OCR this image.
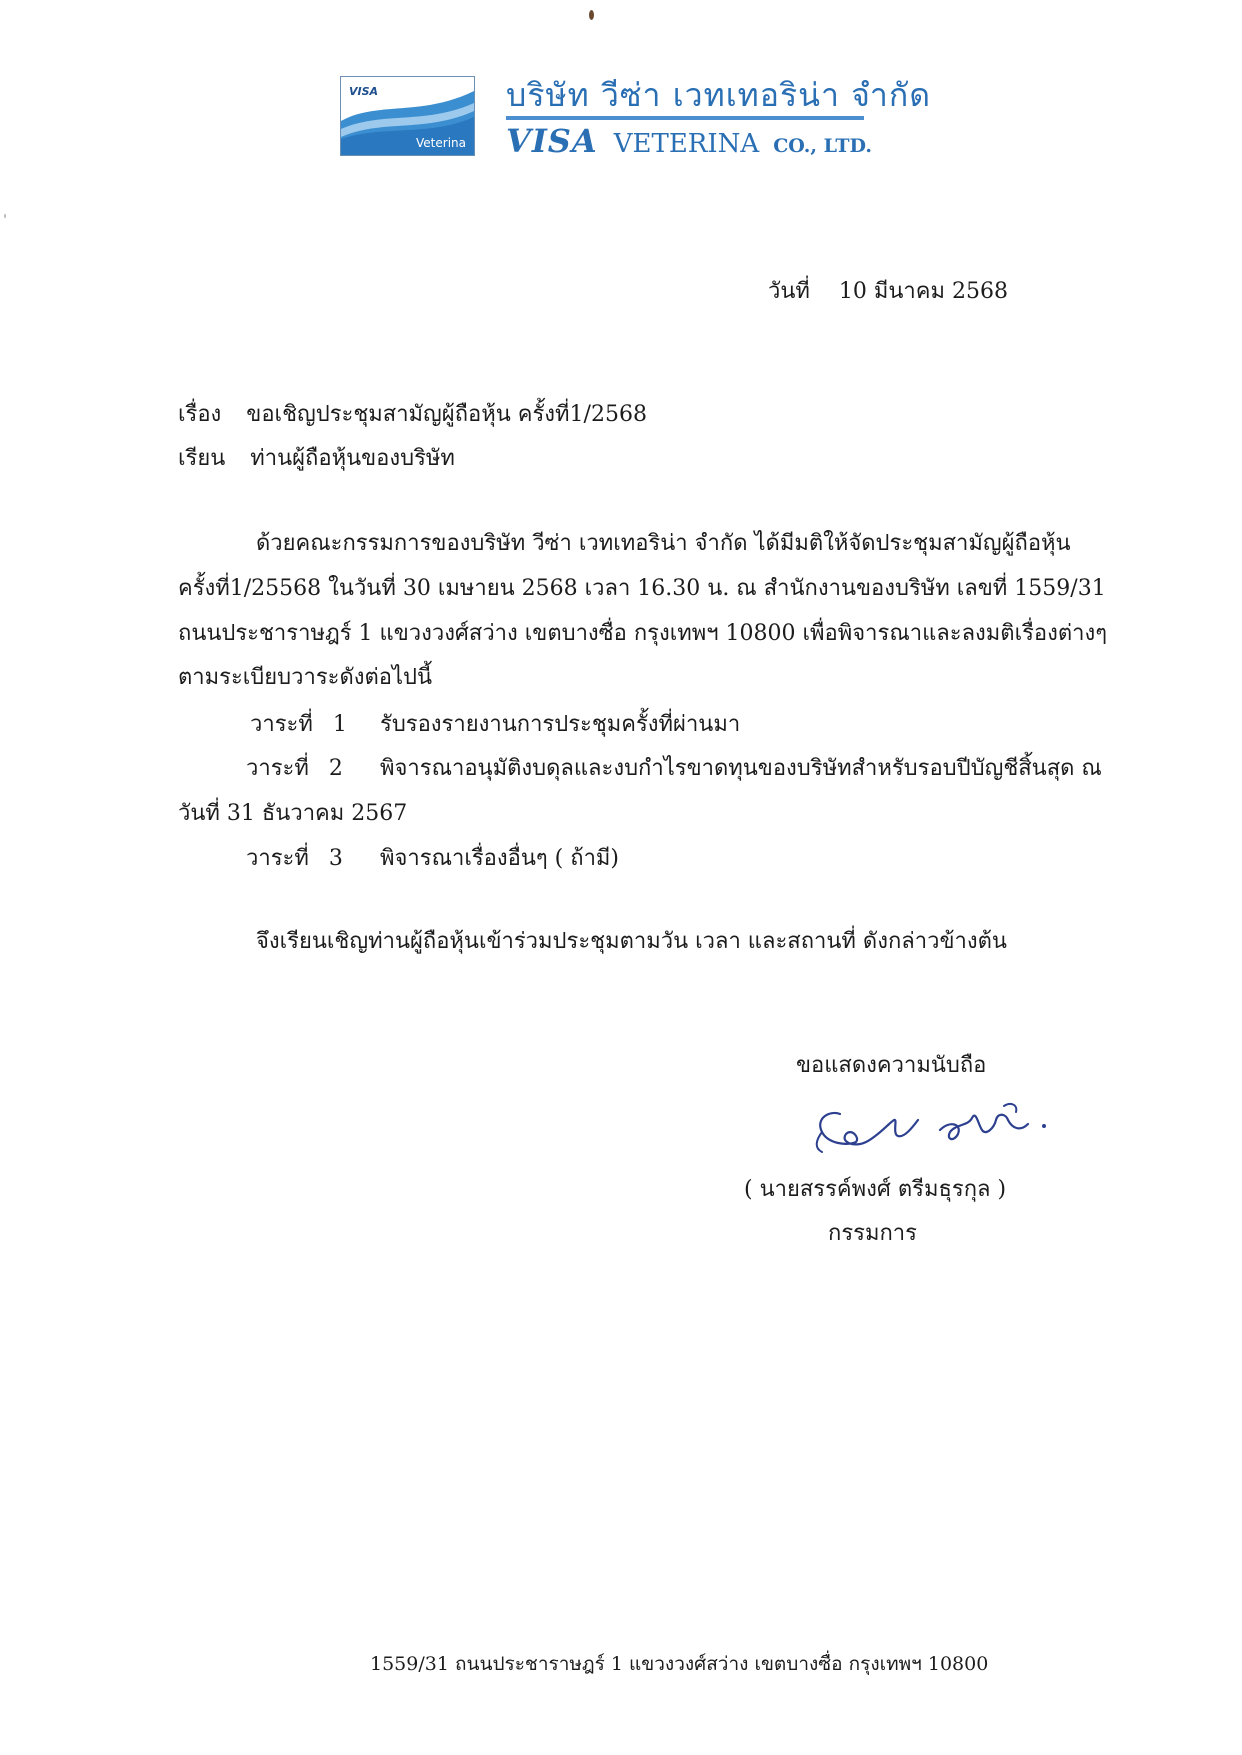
VISA
Veterina
บริษัท วีซ่า เวทเทอริน่า จำกัด
VISA VETERINA CO., LTD.
วันที่ 10 มีนาคม 2568
เรื่อง ขอเชิญประชุมสามัญผู้ถือหุ้น ครั้งที่1/2568
เรียน ท่านผู้ถือหุ้นของบริษัท
ด้วยคณะกรรมการของบริษัท วีซ่า เวทเทอริน่า จำกัด ได้มีมติให้จัดประชุมสามัญผู้ถือหุ้น
ครั้งที่1/25568 ในวันที่ 30 เมษายน 2568 เวลา 16.30 น. ณ สำนักงานของบริษัท เลขที่ 1559/31
ถนนประชาราษฎร์ 1 แขวงวงศ์สว่าง เขตบางซื่อ กรุงเทพฯ 10800 เพื่อพิจารณาและลงมติเรื่องต่างๆ
ตามระเบียบวาระดังต่อไปนี้
วาระที่ 1 รับรองรายงานการประชุมครั้งที่ผ่านมา
วาระที่ 2 พิจารณาอนุมัติงบดุลและงบกำไรขาดทุนของบริษัทสำหรับรอบปีบัญชีสิ้นสุด ณ
วันที่ 31 ธันวาคม 2567
วาระที่ 3 พิจารณาเรื่องอื่นๆ ( ถ้ามี)
จึงเรียนเชิญท่านผู้ถือหุ้นเข้าร่วมประชุมตามวัน เวลา และสถานที่ ดังกล่าวข้างต้น
ขอแสดงความนับถือ
( นายสรรค์พงศ์ ตรีมธุรกุล )
กรรมการ
1559/31 ถนนประชาราษฎร์ 1 แขวงวงศ์สว่าง เขตบางซื่อ กรุงเทพฯ 10800
